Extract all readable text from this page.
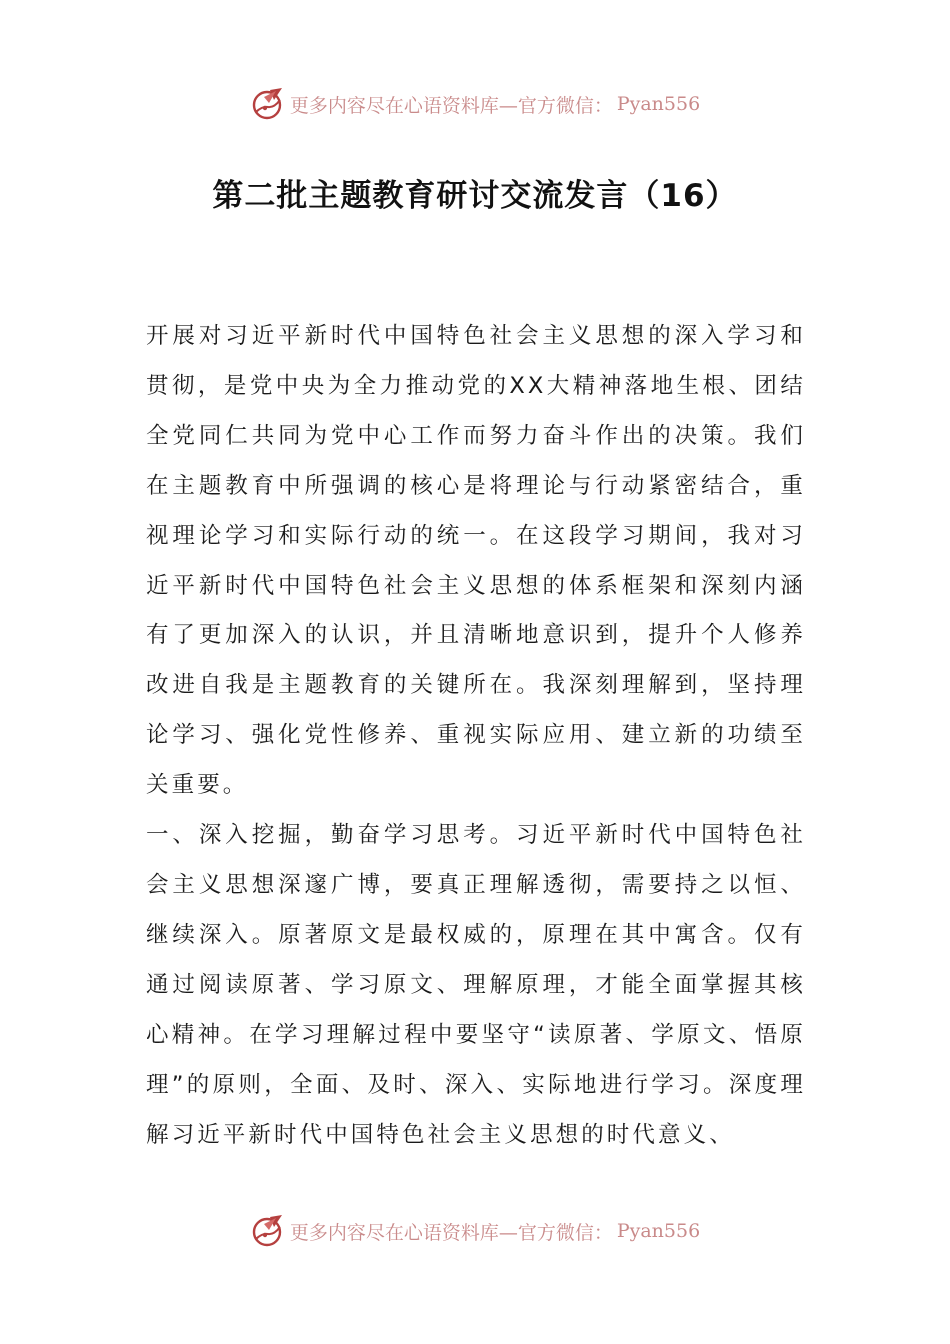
更多内容尽在心语资料库—官方微信： Pyan556
第二批主题教育研讨交流发言（16）

开展对习近平新时代中国特色社会主义思想的深入学习和贯彻，是党中央为全力推动党的XX大精神落地生根、团结全党同仁共同为党中心工作而努力奋斗作出的决策。我们在主题教育中所强调的核心是将理论与行动紧密结合，重视理论学习和实际行动的统一。在这段学习期间，我对习近平新时代中国特色社会主义思想的体系框架和深刻内涵有了更加深入的认识，并且清晰地意识到，提升个人修养改进自我是主题教育的关键所在。我深刻理解到，坚持理论学习、强化党性修养、重视实际应用、建立新的功绩至关重要。

一、深入挖掘，勤奋学习思考。习近平新时代中国特色社会主义思想深邃广博，要真正理解透彻，需要持之以恒、继续深入。原著原文是最权威的，原理在其中寓含。仅有通过阅读原著、学习原文、理解原理，才能全面掌握其核心精神。在学习理解过程中要坚守“读原著、学原文、悟原理”的原则，全面、及时、深入、实际地进行学习。深度理解习近平新时代中国特色社会主义思想的时代意义、

更多内容尽在心语资料库—官方微信： Pyan556
